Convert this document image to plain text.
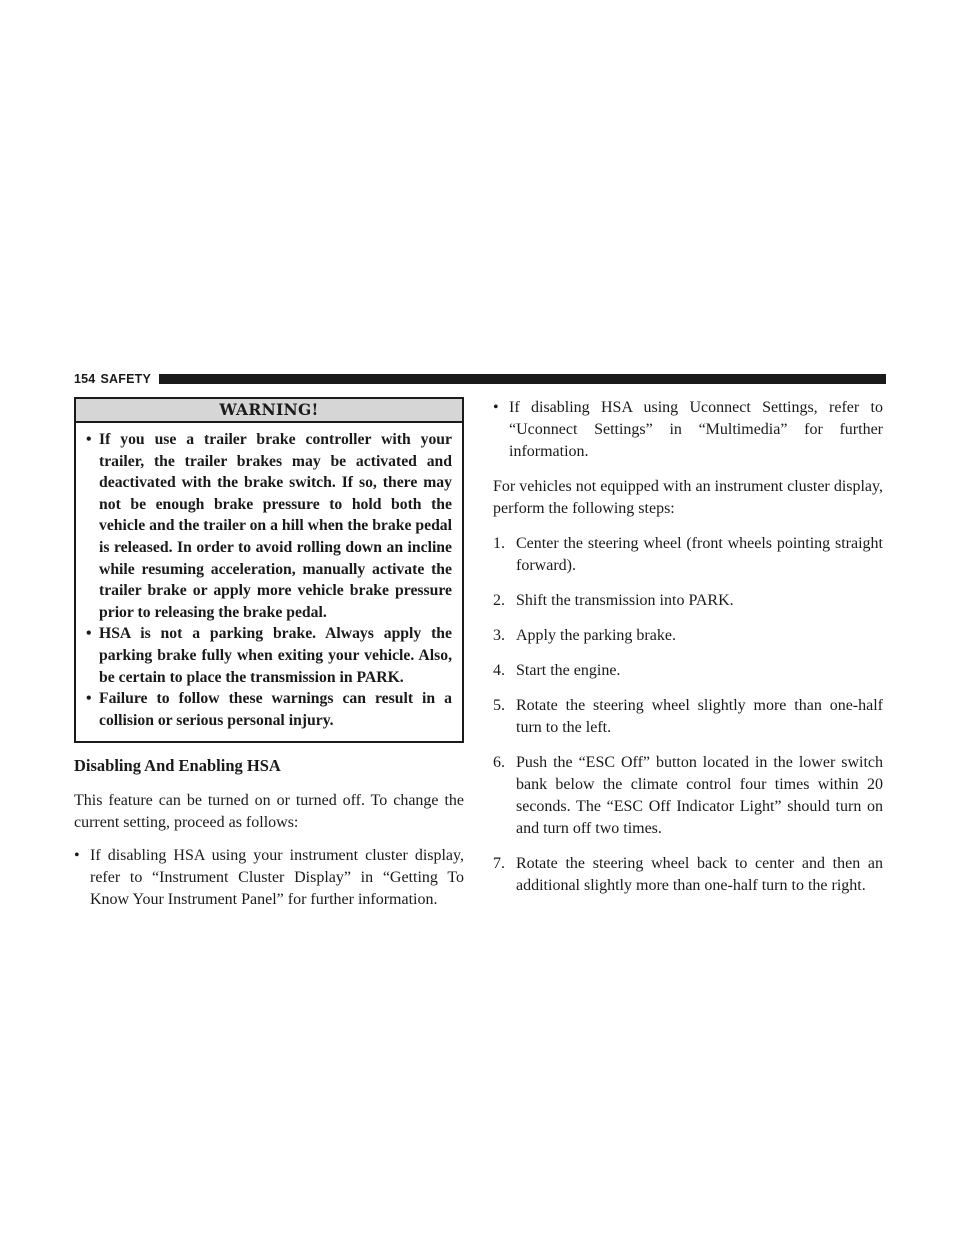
154 SAFETY
WARNING!
• If you use a trailer brake controller with your trailer, the trailer brakes may be activated and deactivated with the brake switch. If so, there may not be enough brake pressure to hold both the vehicle and the trailer on a hill when the brake pedal is released. In order to avoid rolling down an incline while resuming acceleration, manually activate the trailer brake or apply more vehicle brake pressure prior to releasing the brake pedal.
• HSA is not a parking brake. Always apply the parking brake fully when exiting your vehicle. Also, be certain to place the transmission in PARK.
• Failure to follow these warnings can result in a collision or serious personal injury.
Disabling And Enabling HSA

This feature can be turned on or turned off. To change the current setting, proceed as follows:

• If disabling HSA using your instrument cluster display, refer to “Instrument Cluster Display” in “Getting To Know Your Instrument Panel” for further information.
• If disabling HSA using Uconnect Settings, refer to “Uconnect Settings” in “Multimedia” for further information.

For vehicles not equipped with an instrument cluster display, perform the following steps:

1. Center the steering wheel (front wheels pointing straight forward).
2. Shift the transmission into PARK.
3. Apply the parking brake.
4. Start the engine.
5. Rotate the steering wheel slightly more than one-half turn to the left.
6. Push the “ESC Off” button located in the lower switch bank below the climate control four times within 20 seconds. The “ESC Off Indicator Light” should turn on and turn off two times.
7. Rotate the steering wheel back to center and then an additional slightly more than one-half turn to the right.
